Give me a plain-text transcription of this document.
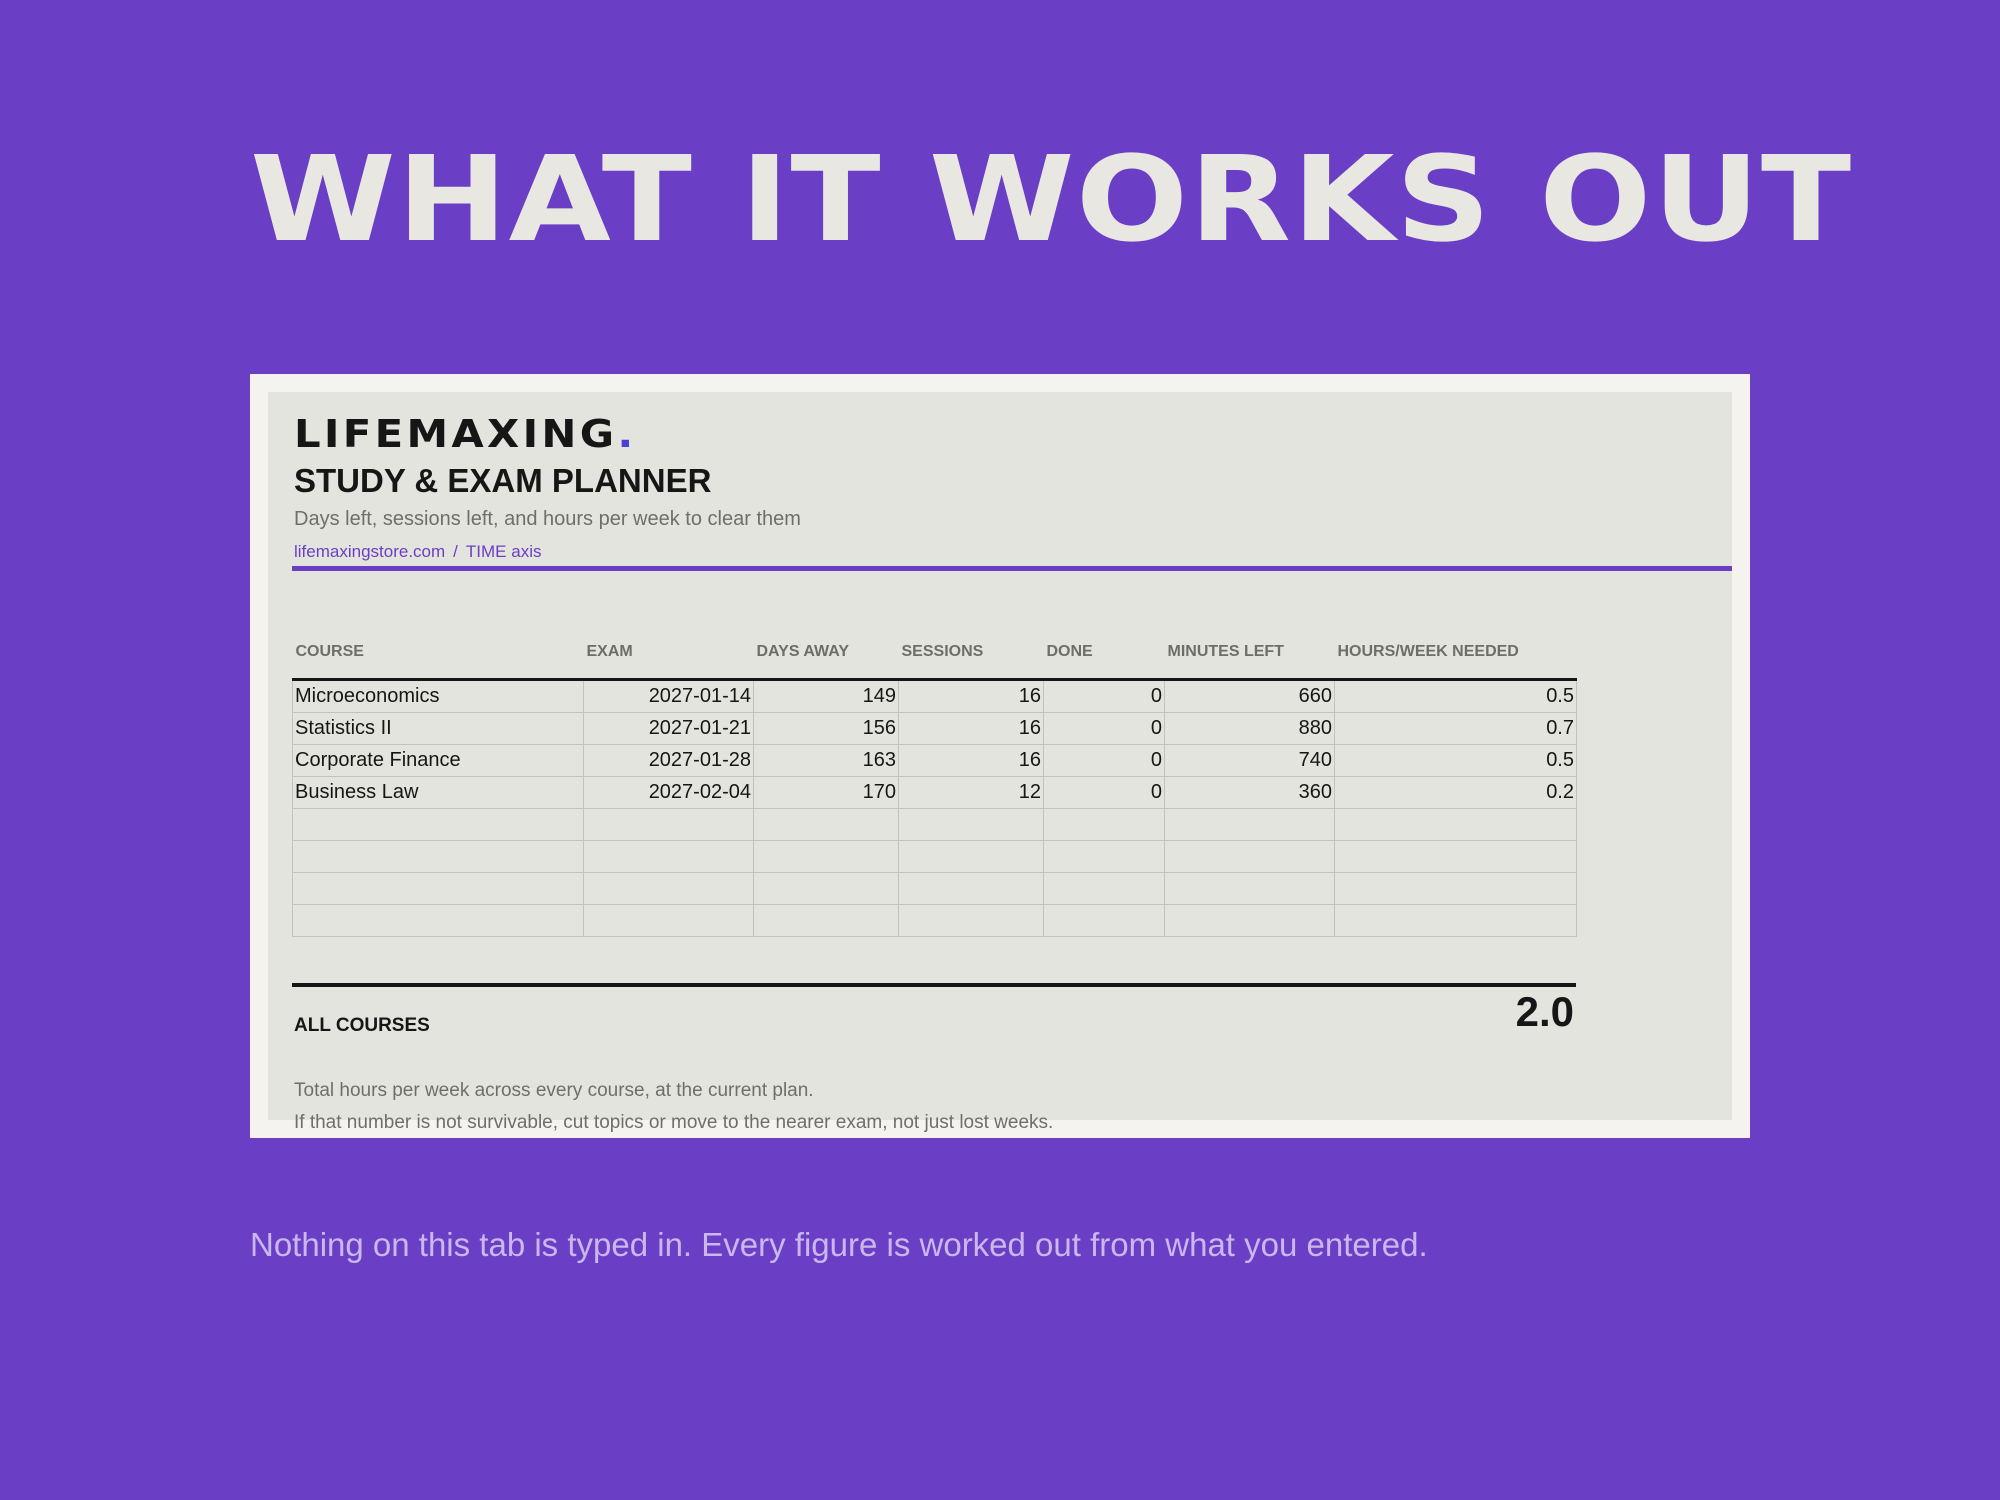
WHAT IT WORKS OUT
LIFEMAXING.
STUDY & EXAM PLANNER
Days left, sessions left, and hours per week to clear them
lifemaxingstore.com / TIME axis
COURSE	EXAM	DAYS AWAY	SESSIONS	DONE	MINUTES LEFT	HOURS/WEEK NEEDED
Microeconomics	2027-01-14	149	16	0	660	0.5
Statistics II	2027-01-21	156	16	0	880	0.7
Corporate Finance	2027-01-28	163	16	0	740	0.5
Business Law	2027-02-04	170	12	0	360	0.2

ALL COURSES	2.0
Total hours per week across every course, at the current plan.
If that number is not survivable, cut topics or move to the nearer exam, not just lost weeks.
Nothing on this tab is typed in. Every figure is worked out from what you entered.
